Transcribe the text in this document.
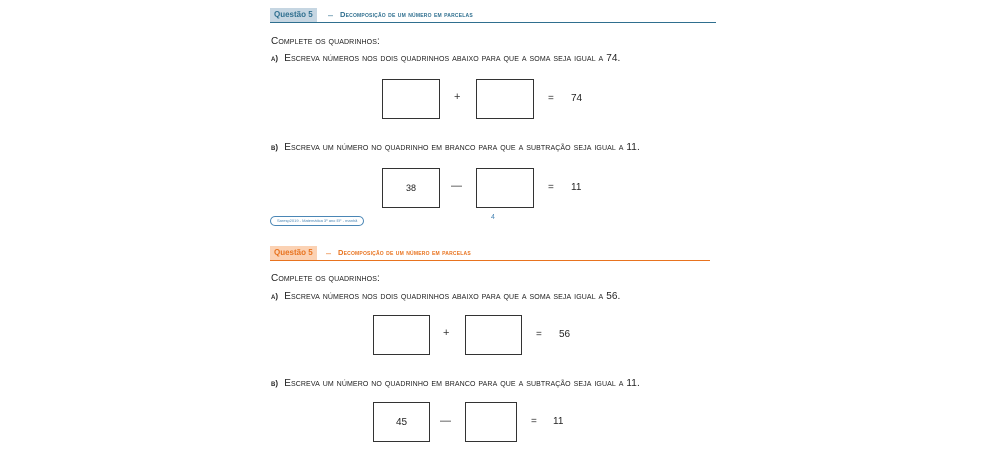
Questão 5	– Decomposição de um número em parcelas
Complete os quadrinhos:
a) Escreva números nos dois quadrinhos abaixo para que a soma seja igual a 74.
+	= 74
b) Escreva um número no quadrinho em branco para que a subtração seja igual a 11.
38	—	= 11
Saresp2019 - Matemática 3º ano EF - manhã	4
Questão 5	– Decomposição de um número em parcelas
Complete os quadrinhos:
a) Escreva números nos dois quadrinhos abaixo para que a soma seja igual a 56.
+	= 56
b) Escreva um número no quadrinho em branco para que a subtração seja igual a 11.
45	—	= 11
